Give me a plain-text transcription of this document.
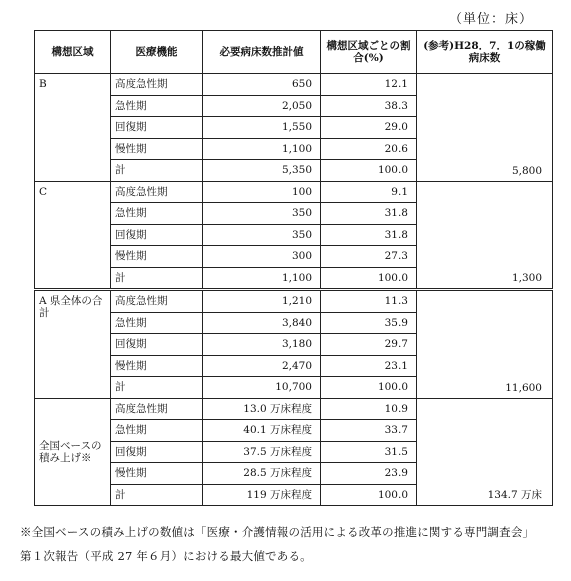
（単位：床）
構想区域	医療機能	必要病床数推計値	構想区域ごとの割合(%)	(参考)H28．7．1の稼働病床数
B	高度急性期	650	12.1	5,800
	急性期	2,050	38.3	
	回復期	1,550	29.0	
	慢性期	1,100	20.6	
	計	5,350	100.0	
C	高度急性期	100	9.1	1,300
	急性期	350	31.8	
	回復期	350	31.8	
	慢性期	300	27.3	
	計	1,100	100.0	
A 県全体の合計	高度急性期	1,210	11.3	11,600
	急性期	3,840	35.9	
	回復期	3,180	29.7	
	慢性期	2,470	23.1	
	計	10,700	100.0	
全国ベースの積み上げ※	高度急性期	13.0 万床程度	10.9	134.7 万床
	急性期	40.1 万床程度	33.7	
	回復期	37.5 万床程度	31.5	
	慢性期	28.5 万床程度	23.9	
	計	119 万床程度	100.0	

※全国ベースの積み上げの数値は「医療・介護情報の活用による改革の推進に関する専門調査会」

第１次報告（平成 27 年６月）における最大値である。
